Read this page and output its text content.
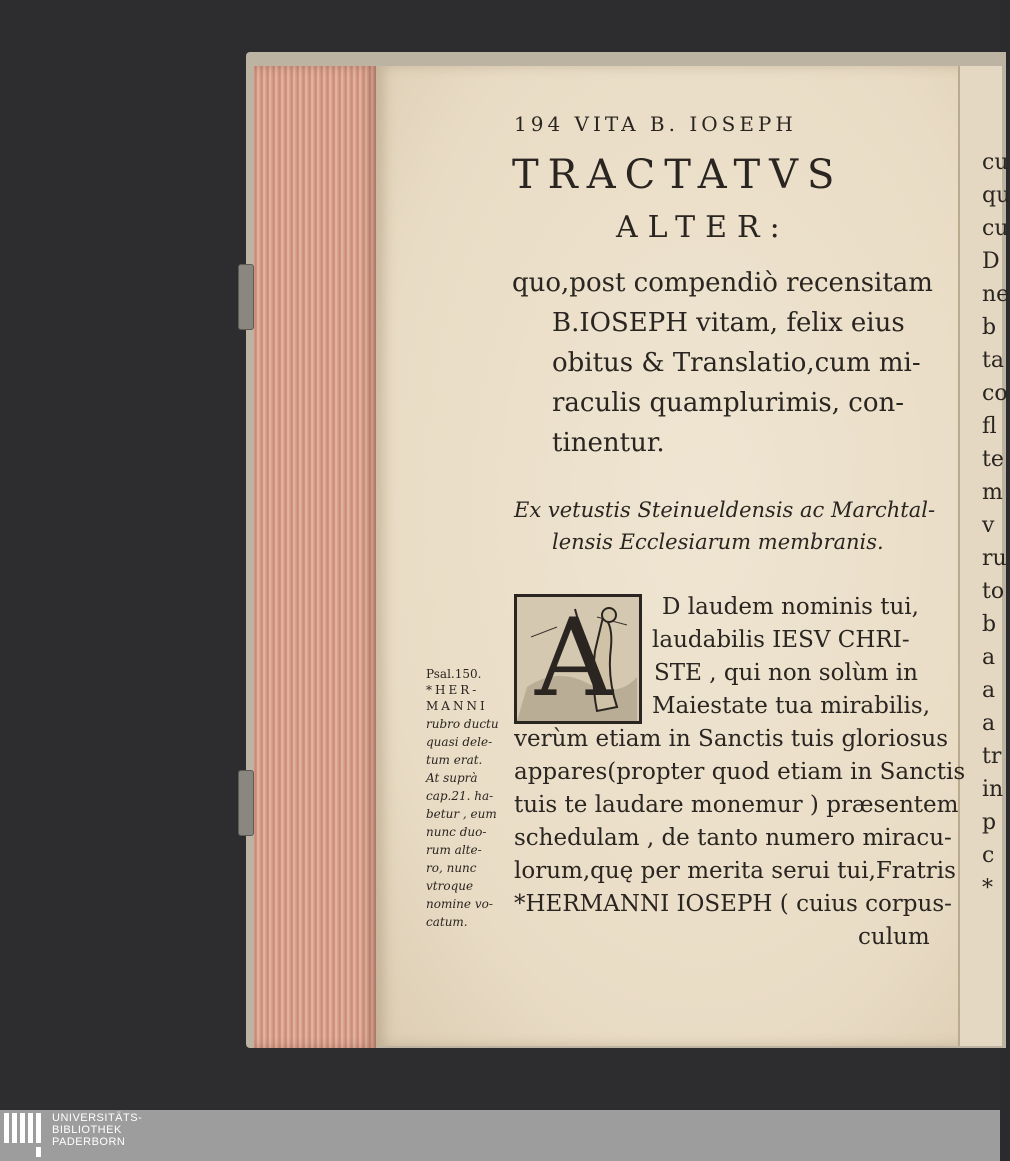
cu
qu
cu
D
ne
b
ta
co
fl
te
m
v
ru
to
b
a
a
a
tr
in
p
c
*
194 VITA B. IOSEPH
TRACTATVS
ALTER:
quo,post compendiò recensitam
B.IOSEPH vitam, felix eius
obitus & Translatio,cum mi-
raculis quamplurimis, con-
tinentur.
Ex vetustis Steinueldensis ac Marchtal-
lensis Ecclesiarum membranis.
A D laudem nominis tui,
laudabilis IESV CHRI-
STE , qui non solùm in
Maiestate tua mirabilis,
verùm etiam in Sanctis tuis gloriosus
appares(propter quod etiam in Sanctis
tuis te laudare monemur ) præsentem
schedulam , de tanto numero miracu-
lorum,quę per merita serui tui,Fratris
*HERMANNI IOSEPH ( cuius corpus-
culum
Psal.150.
*HER-
MANNI
rubro ductu
quasi dele-
tum erat.
At suprà
cap.21. ha-
betur , eum
nunc duo-
rum alte-
ro, nunc
vtroque
nomine vo-
catum.
UNIVERSITÄTS-
BIBLIOTHEK
PADERBORN
